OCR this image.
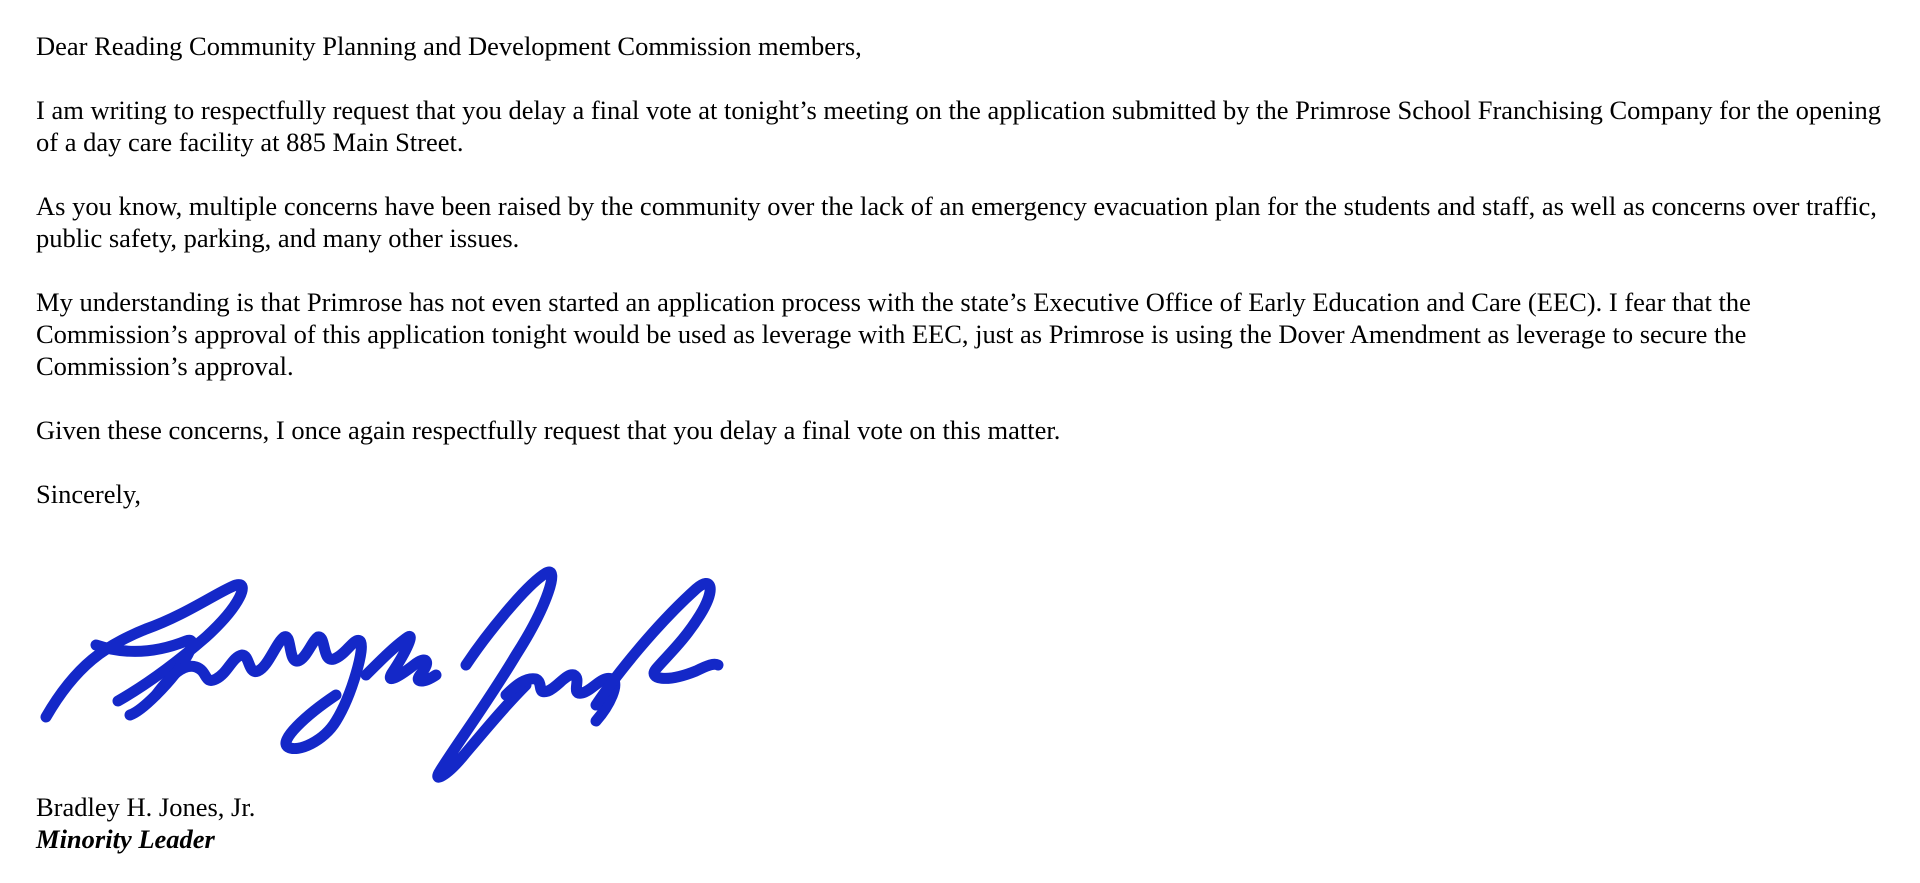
Dear Reading Community Planning and Development Commission members,

I am writing to respectfully request that you delay a final vote at tonight’s meeting on the application submitted by the Primrose School Franchising Company for the opening of a day care facility at 885 Main Street.

As you know, multiple concerns have been raised by the community over the lack of an emergency evacuation plan for the students and staff, as well as concerns over traffic, public safety, parking, and many other issues.

My understanding is that Primrose has not even started an application process with the state’s Executive Office of Early Education and Care (EEC). I fear that the Commission’s approval of this application tonight would be used as leverage with EEC, just as Primrose is using the Dover Amendment as leverage to secure the Commission’s approval.

Given these concerns, I once again respectfully request that you delay a final vote on this matter.

Sincerely,

Bradley H. Jones, Jr.

Minority Leader
